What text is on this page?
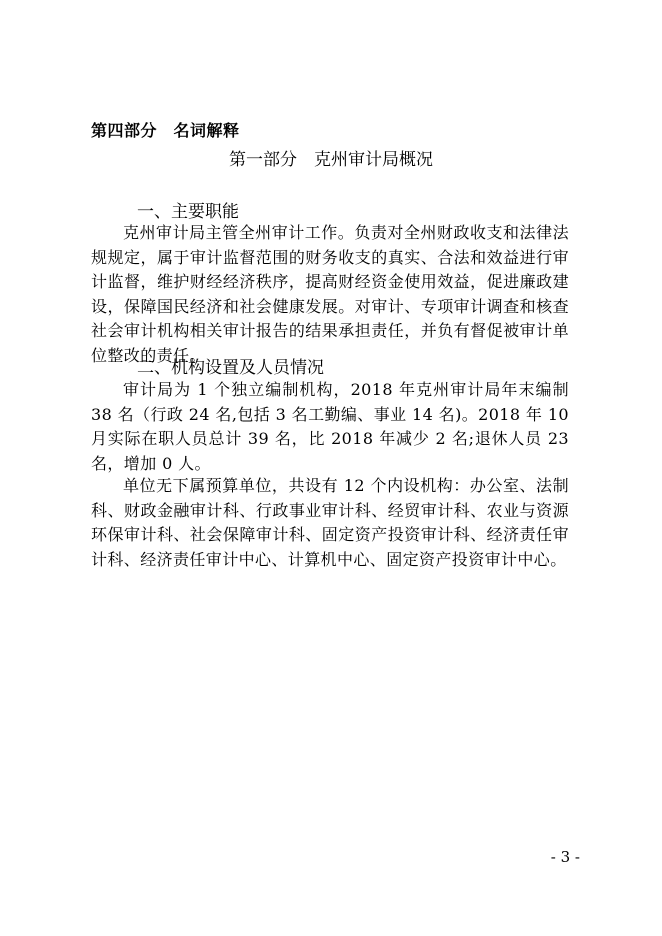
第四部分　名词解释
第一部分　克州审计局概况
一、主要职能
克州审计局主管全州审计工作。负责对全州财政收支和法律法规规定，属于审计监督范围的财务收支的真实、合法和效益进行审计监督，维护财经经济秩序，提高财经资金使用效益，促进廉政建设，保障国民经济和社会健康发展。对审计、专项审计调查和核查社会审计机构相关审计报告的结果承担责任，并负有督促被审计单位整改的责任。
二、机构设置及人员情况
审计局为 1 个独立编制机构，2018 年克州审计局年末编制 38 名（行政 24 名,包括 3 名工勤编、事业 14 名)。2018 年 10 月实际在职人员总计 39 名，比 2018 年减少 2 名;退休人员 23 名，增加 0 人。
单位无下属预算单位，共设有 12 个内设机构：办公室、法制科、财政金融审计科、行政事业审计科、经贸审计科、农业与资源环保审计科、社会保障审计科、固定资产投资审计科、经济责任审计科、经济责任审计中心、计算机中心、固定资产投资审计中心。
- 3 -
